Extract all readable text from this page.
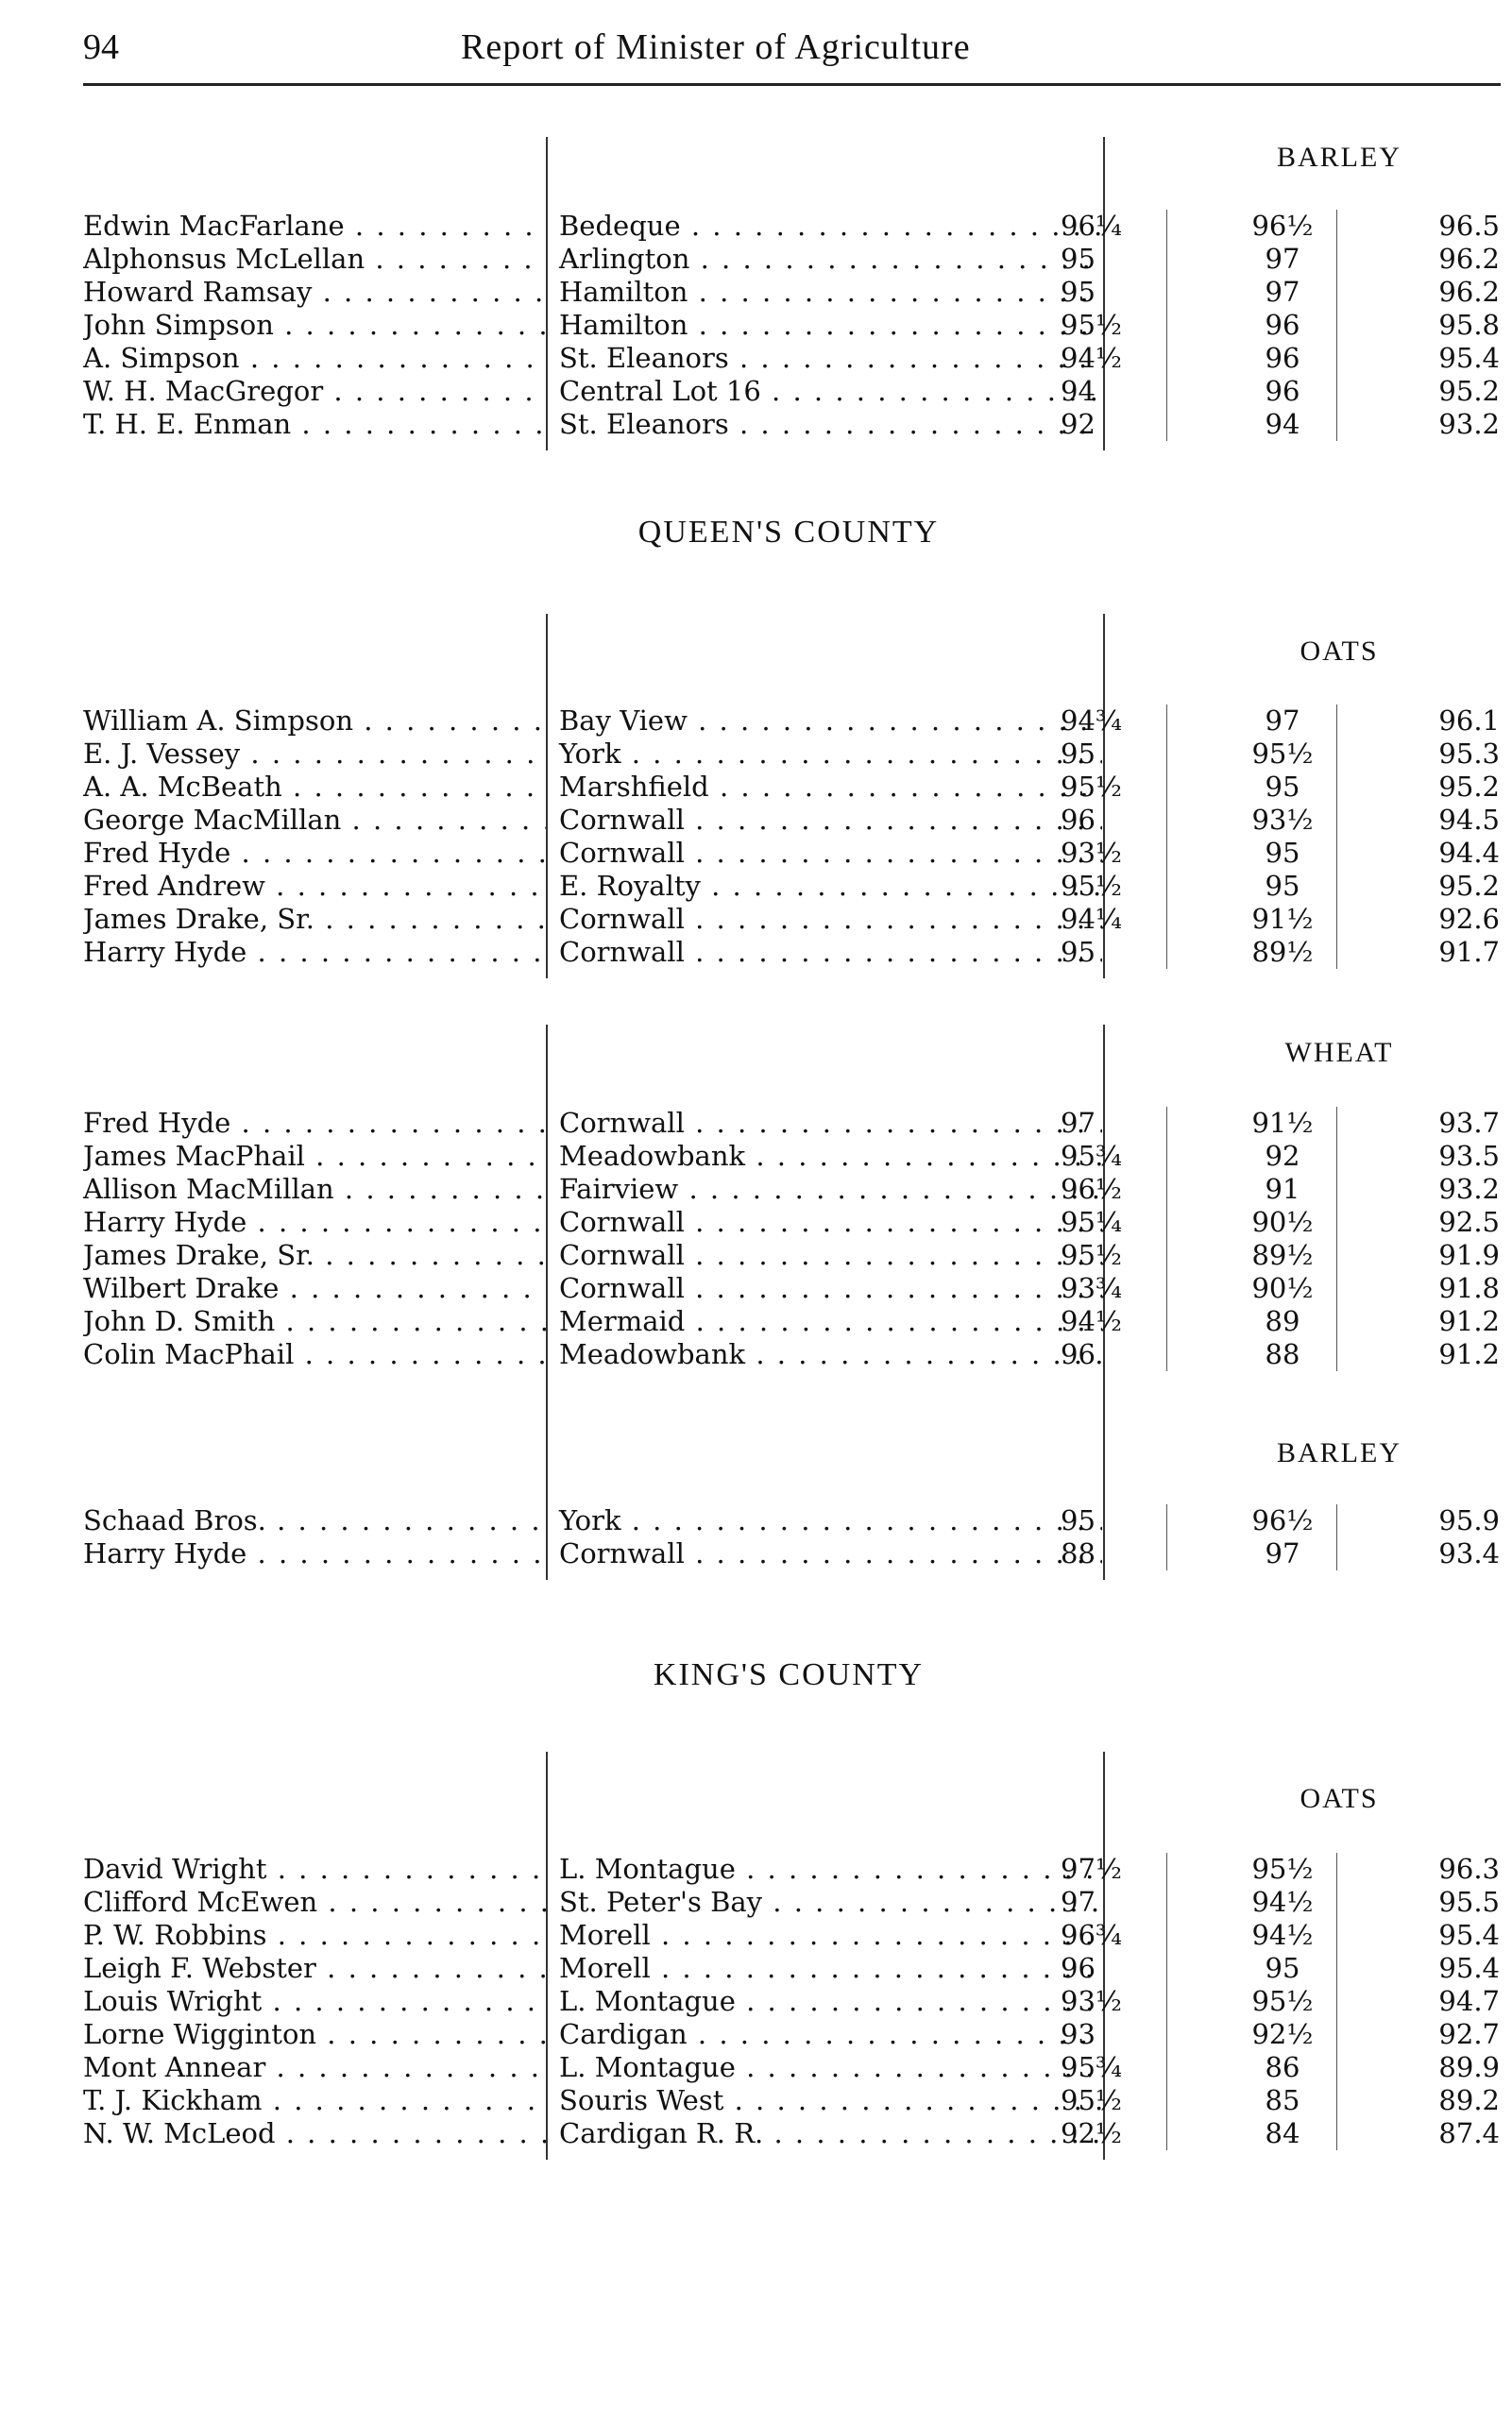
94	Report of Minister of Agriculture
BARLEY
Edwin MacFarlane . . .	Bedeque . . .	96¼	96½	96.5
Alphonsus McLellan . . .	Arlington . . .	95	97	96.2
Howard Ramsay . . .	Hamilton . . .	95	97	96.2
John Simpson . . .	Hamilton . . .	95½	96	95.8
A. Simpson . . .	St. Eleanors . . .	94½	96	95.4
W. H. MacGregor . . .	Central Lot 16 . . .	94	96	95.2
T. H. E. Enman . . .	St. Eleanors . . .	92	94	93.2
QUEEN'S COUNTY
OATS
William A. Simpson . . .	Bay View . . .	94¾	97	96.1
E. J. Vessey . . .	York . . .	95	95½	95.3
A. A. McBeath . . .	Marshfield . . .	95½	95	95.2
George MacMillan . . .	Cornwall . . .	96	93½	94.5
Fred Hyde . . .	Cornwall . . .	93½	95	94.4
Fred Andrew . . .	E. Royalty . . .	95½	95	95.2
James Drake, Sr. . . .	Cornwall . . .	94¼	91½	92.6
Harry Hyde . . .	Cornwall . . .	95	89½	91.7
WHEAT
Fred Hyde . . .	Cornwall . . .	97	91½	93.7
James MacPhail . . .	Meadowbank . . .	95¾	92	93.5
Allison MacMillan . . .	Fairview . . .	96½	91	93.2
Harry Hyde . . .	Cornwall . . .	95¼	90½	92.5
James Drake, Sr. . . .	Cornwall . . .	95½	89½	91.9
Wilbert Drake . . .	Cornwall . . .	93¾	90½	91.8
John D. Smith . . .	Mermaid . . .	94½	89	91.2
Colin MacPhail . . .	Meadowbank . . .	96	88	91.2
BARLEY
Schaad Bros. . . .	York . . .	95	96½	95.9
Harry Hyde . . .	Cornwall . . .	88	97	93.4
KING'S COUNTY
OATS
David Wright . . .	L. Montague . . .	97½	95½	96.3
Clifford McEwen . . .	St. Peter's Bay . . .	97	94½	95.5
P. W. Robbins . . .	Morell . . .	96¾	94½	95.4
Leigh F. Webster . . .	Morell . . .	96	95	95.4
Louis Wright . . .	L. Montague . . .	93½	95½	94.7
Lorne Wigginton . . .	Cardigan . . .	93	92½	92.7
Mont Annear . . .	L. Montague . . .	95¾	86	89.9
T. J. Kickham . . .	Souris West . . .	95½	85	89.2
N. W. McLeod . . .	Cardigan R. R. . . .	92½	84	87.4
